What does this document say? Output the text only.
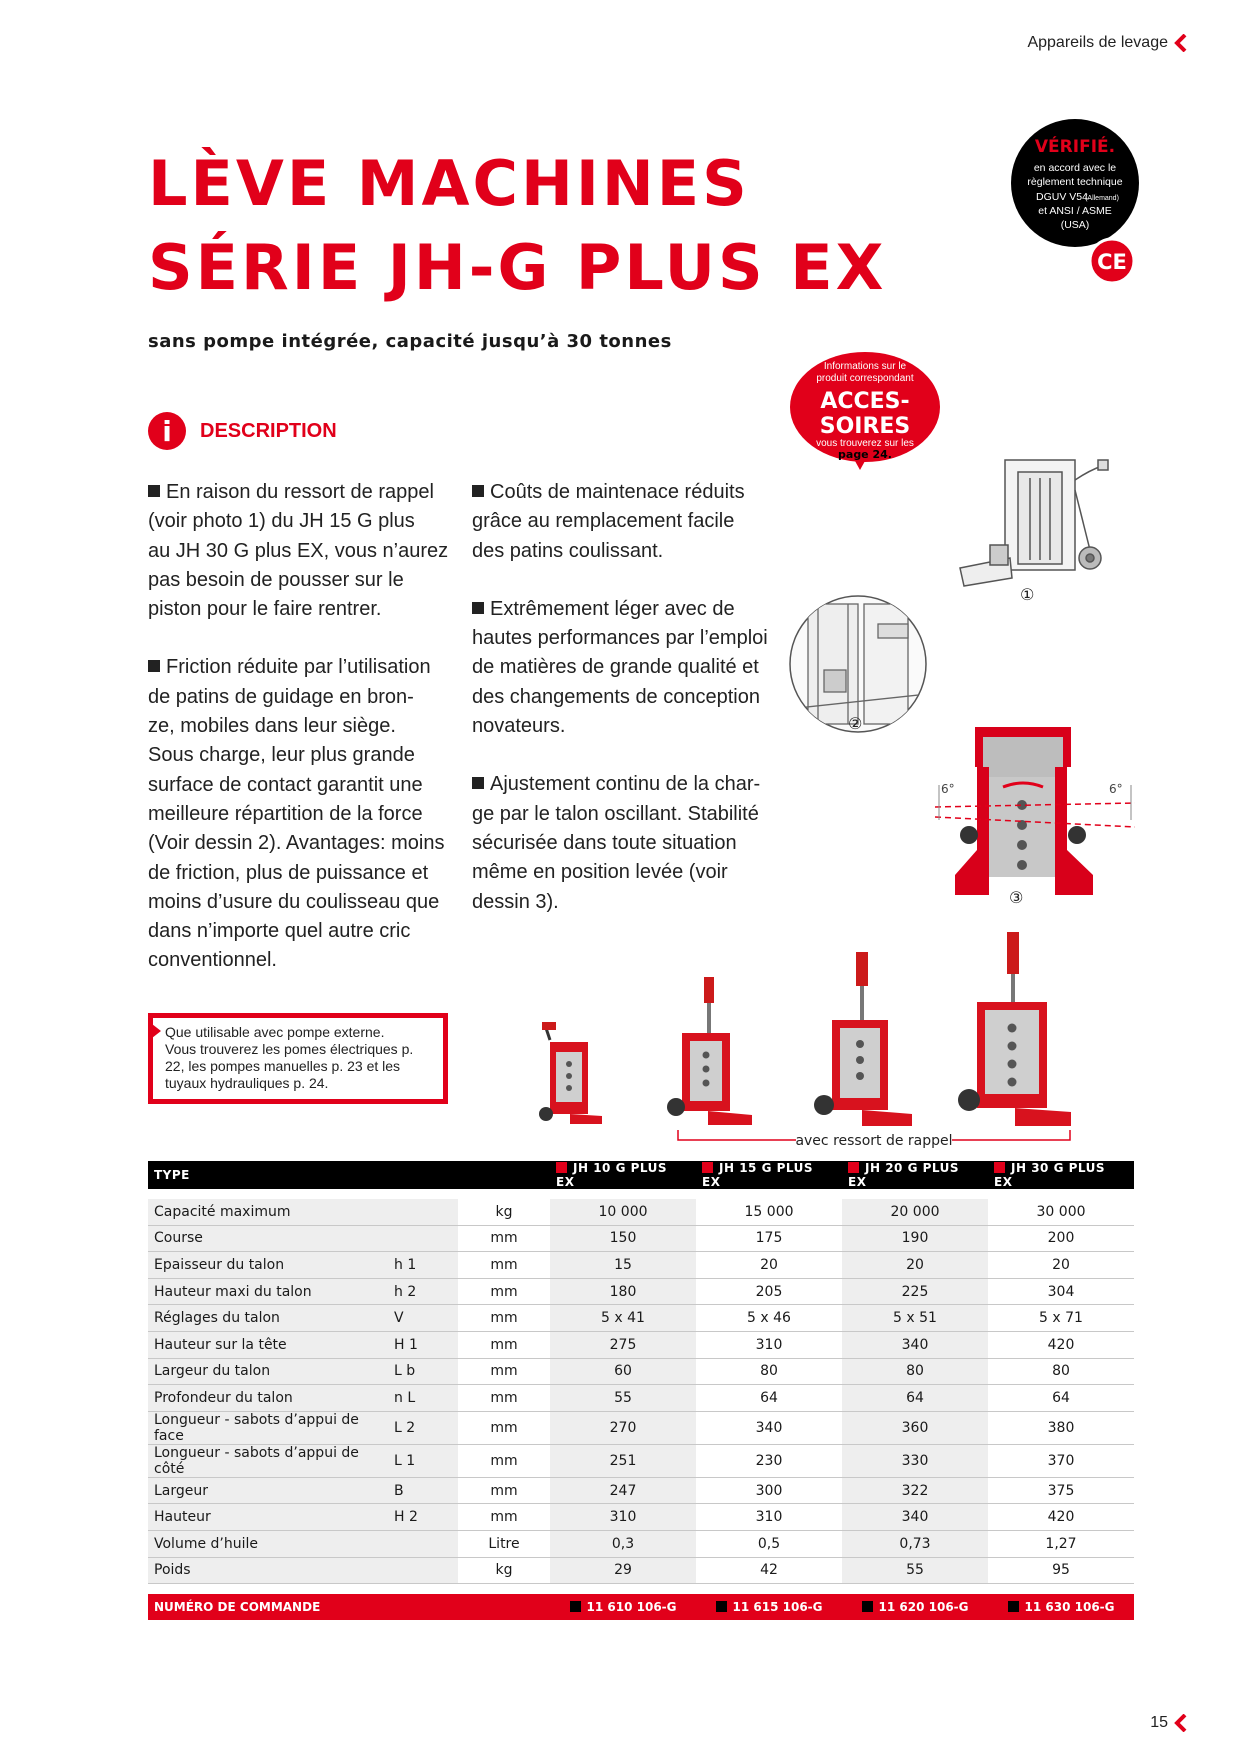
Appareils de levage
LÈVE MACHINES
SÉRIE JH-G PLUS EX
sans pompe intégrée, capacité jusqu’à 30 tonnes
VÉRIFIÉ.
en accord avec le
règlement technique
DGUV V54
(Allemand)
et ANSI / ASME
(USA)
CE
Informations sur le
produit correspondant
ACCES-
SOIRES
vous trouverez sur les
page 24.
i DESCRIPTION

En raison du ressort de rappel
(voir photo 1) du JH 15 G plus
au JH 30 G plus EX, vous n’aurez
pas besoin de pousser sur le
piston pour le faire rentrer.

Friction réduite par l’utilisation
de patins de guidage en bron-
ze, mobiles dans leur siège.
Sous charge, leur plus grande
surface de contact garantit une
meilleure répartition de la force
(Voir dessin 2). Avantages: moins
de friction, plus de puissance et
moins d’usure du coulisseau que
dans n’importe quel autre cric
conventionnel.

Coûts de maintenace réduits
grâce au remplacement facile
des patins coulissant.

Extrêmement léger avec de
hautes performances par l’emploi
de matières de grande qualité et
des changements de conception
novateurs.

Ajustement continu de la char-
ge par le talon oscillant. Stabilité
sécurisée dans toute situation
même en position levée (voir
dessin 3).

①
②
6°	6°
③
Que utilisable avec pompe externe.
Vous trouverez les pomes électriques p.
22, les pompes manuelles p. 23 et les
tuyaux hydrauliques p. 24.
avec ressort de rappel
TYPE			JH 10 G PLUS EX	JH 15 G PLUS EX	JH 20 G PLUS EX	JH 30 G PLUS EX

Capacité maximum		kg	10 000	15 000	20 000	30 000
Course		mm	150	175	190	200
Epaisseur du talon	h 1	mm	15	20	20	20
Hauteur maxi du talon	h 2	mm	180	205	225	304
Réglages du talon	V	mm	5 x 41	5 x 46	5 x 51	5 x 71
Hauteur sur la tête	H 1	mm	275	310	340	420
Largeur du talon	L b	mm	60	80	80	80
Profondeur du talon	n L	mm	55	64	64	64
Longueur - sabots d’appui de face	L 2	mm	270	340	360	380
Longueur - sabots d’appui de côté	L 1	mm	251	230	330	370
Largeur	B	mm	247	300	322	375
Hauteur	H 2	mm	310	310	340	420
Volume d’huile		Litre	0,3	0,5	0,73	1,27
Poids		kg	29	42	55	95

NUMÉRO DE COMMANDE			11 610 106-G	11 615 106-G	11 620 106-G	11 630 106-G
15
